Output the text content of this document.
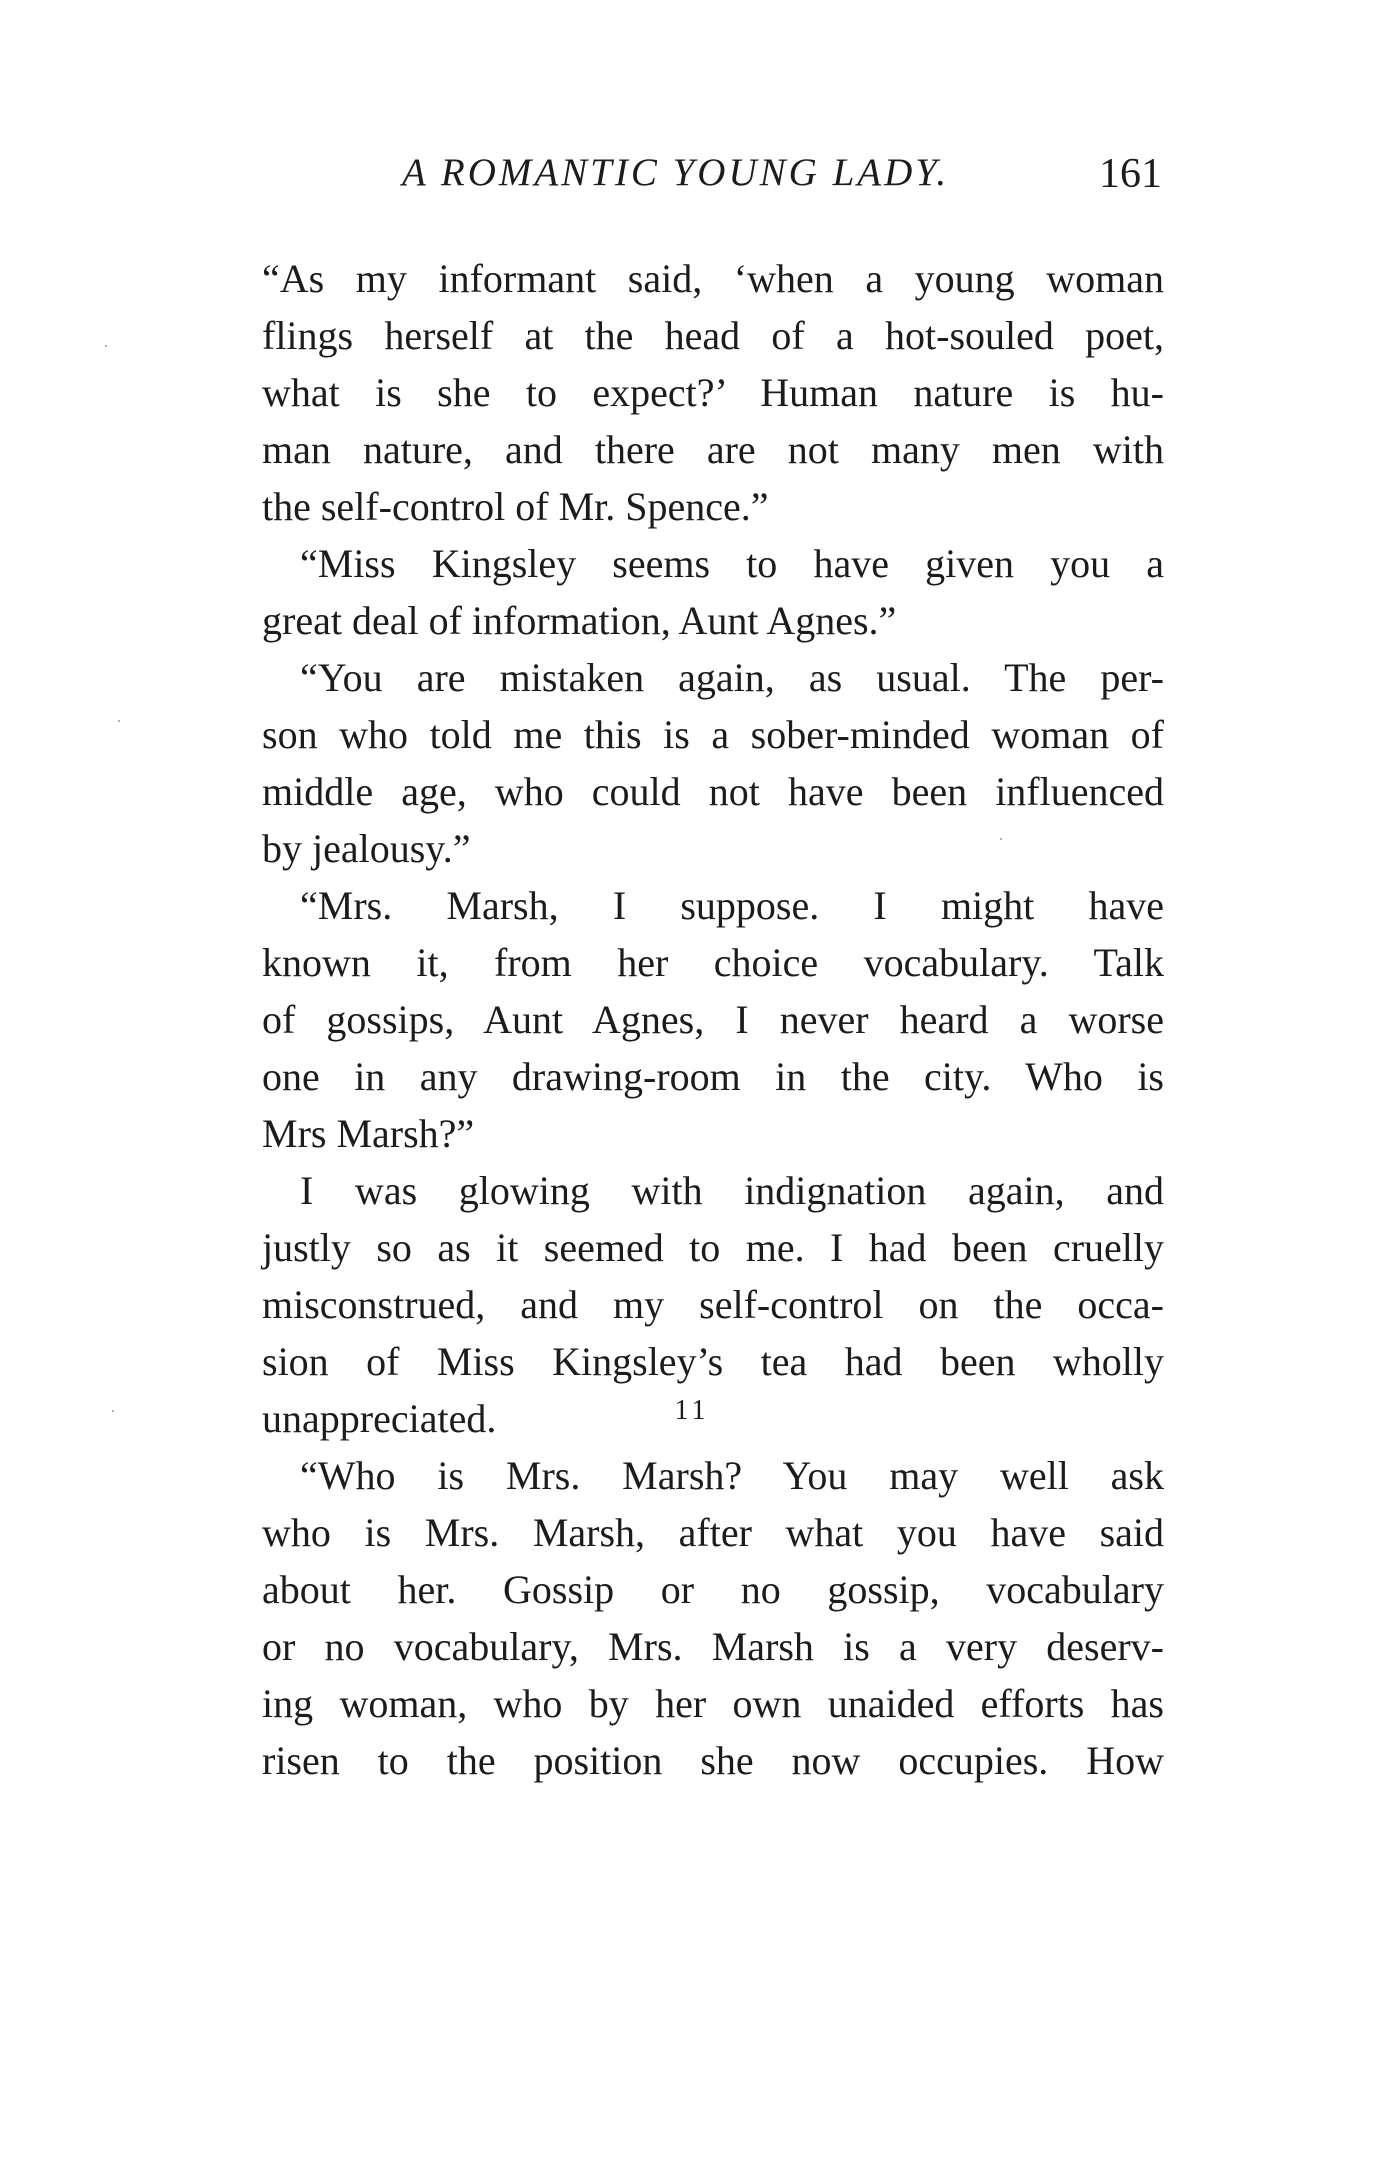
A ROMANTIC YOUNG LADY.	161
“As my informant said, ‘when a young woman
flings herself at the head of a hot-souled poet,
what is she to expect?’ Human nature is hu-
man nature, and there are not many men with
the self-control of Mr. Spence.”
“Miss Kingsley seems to have given you a
great deal of information, Aunt Agnes.”
“You are mistaken again, as usual. The per-
son who told me this is a sober-minded woman of
middle age, who could not have been influenced
by jealousy.”
“Mrs. Marsh, I suppose. I might have
known it, from her choice vocabulary. Talk
of gossips, Aunt Agnes, I never heard a worse
one in any drawing-room in the city. Who is
Mrs Marsh?”
I was glowing with indignation again, and
justly so as it seemed to me. I had been cruelly
misconstrued, and my self-control on the occa-
sion of Miss Kingsley’s tea had been wholly
unappreciated.
“Who is Mrs. Marsh? You may well ask
who is Mrs. Marsh, after what you have said
about her. Gossip or no gossip, vocabulary
or no vocabulary, Mrs. Marsh is a very deserv-
ing woman, who by her own unaided efforts has
risen to the position she now occupies. How
11
